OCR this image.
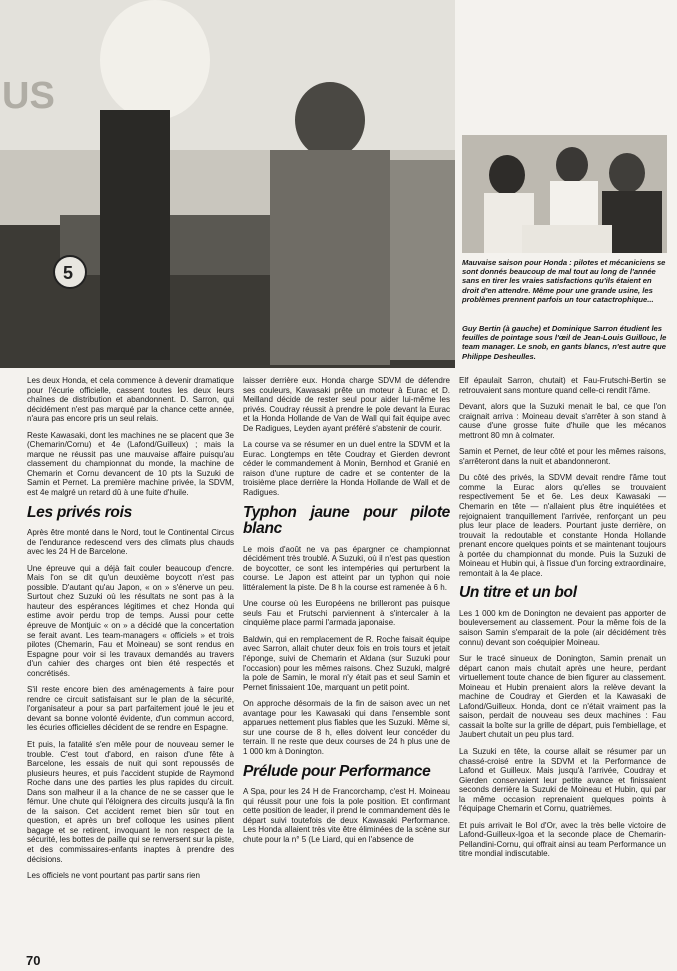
US
5

Mauvaise saison pour Honda : pilotes et mécaniciens se sont donnés beaucoup de mal tout au long de l'année sans en tirer les vraies satisfactions qu'ils étaient en droit d'en attendre. Même pour une grande usine, les problèmes prennent parfois un tour catactrophique...

Guy Bertin (à gauche) et Dominique Sarron étudient les feuilles de pointage sous l'œil de Jean-Louis Guillouc, le team manager. Le snob, en gants blancs, n'est autre que Philippe Desheulles.

Les deux Honda, et cela commence à devenir dramatique pour l'écurie officielle, cassent toutes les deux leurs chaînes de distribution et abandonnent. D. Sarron, qui décidément n'est pas marqué par la chance cette année, n'aura pas encore pris un seul relais.

Reste Kawasaki, dont les machines ne se placent que 3e (Chemarin/Cornu) et 4e (Lafond/Guilleux) ; mais la marque ne réussit pas une mauvaise affaire puisqu'au classement du championnat du monde, la machine de Chemarin et Cornu devancent de 10 pts la Suzuki de Samin et Pernet. La première machine privée, la SDVM, est 4e malgré un retard dû à une fuite d'huile.

Les privés rois

Après être monté dans le Nord, tout le Continental Circus de l'endurance redescend vers des climats plus chauds avec les 24 H de Barcelone.

Une épreuve qui a déjà fait couler beaucoup d'encre. Mais l'on se dit qu'un deuxième boycott n'est pas possible. D'autant qu'au Japon, « on » s'énerve un peu. Surtout chez Suzuki où les résultats ne sont pas à la hauteur des espérances légitimes et chez Honda qui estime avoir perdu trop de temps. Aussi pour cette épreuve de Montjuic « on » a décidé que la concertation se ferait avant. Les team-managers « officiels » et trois pilotes (Chemarin, Fau et Moineau) se sont rendus en Espagne pour voir si les travaux demandés au travers d'un cahier des charges ont bien été respectés et concrétisés.

S'il reste encore bien des aménagements à faire pour rendre ce circuit satisfaisant sur le plan de la sécurité, l'organisateur a pour sa part parfaitement joué le jeu et devant sa bonne volonté évidente, d'un commun accord, les écuries officielles décident de se rendre en Espagne.

Et puis, la fatalité s'en mêle pour de nouveau semer le trouble. C'est tout d'abord, en raison d'une fête à Barcelone, les essais de nuit qui sont repoussés de plusieurs heures, et puis l'accident stupide de Raymond Roche dans une des parties les plus rapides du circuit. Dans son malheur il a la chance de ne se casser que le fémur. Une chute qui l'éloignera des circuits jusqu'à la fin de la saison. Cet accident remet bien sûr tout en question, et après un bref colloque les usines plient bagage et se retirent, invoquant le non respect de la sécurité, les bottes de paille qui se renversent sur la piste, et des commissaires-enfants inaptes à prendre des décisions.

Les officiels ne vont pourtant pas partir sans rien

laisser derrière eux. Honda charge SDVM de défendre ses couleurs, Kawasaki prête un moteur à Eurac et D. Meilland décide de rester seul pour aider lui-même les privés. Coudray réussit à prendre le pole devant la Eurac et la Honda Hollande de Van de Wall qui fait équipe avec De Radigues, Leyden ayant préféré s'abstenir de courir.

La course va se résumer en un duel entre la SDVM et la Eurac. Longtemps en tête Coudray et Gierden devront céder le commandement à Monin, Bernhod et Granié en raison d'une rupture de cadre et se contenter de la troisième place derrière la Honda Hollande de Wall et de Radigues.

Typhon jaune pour pilote blanc

Le mois d'août ne va pas épargner ce championnat décidément très troublé. A Suzuki, où il n'est pas question de boycotter, ce sont les intempéries qui perturbent la course. Le Japon est atteint par un typhon qui noie littéralement la piste. De 8 h la course est ramenée à 6 h.

Une course où les Européens ne brilleront pas puisque seuls Fau et Frutschi parviennent à s'intercaler à la cinquième place parmi l'armada japonaise.

Baldwin, qui en remplacement de R. Roche faisait équipe avec Sarron, allait chuter deux fois en trois tours et jetait l'éponge, suivi de Chemarin et Aldana (sur Suzuki pour l'occasion) pour les mêmes raisons. Chez Suzuki, malgré la pole de Samin, le moral n'y était pas et seul Samin et Pernet finissaient 10e, marquant un petit point.

On approche désormais de la fin de saison avec un net avantage pour les Kawasaki qui dans l'ensemble sont apparues nettement plus fiables que les Suzuki. Même si, sur une course de 8 h, elles doivent leur concéder du terrain. Il ne reste que deux courses de 24 h plus une de 1 000 km à Donington.

Prélude pour Performance

A Spa, pour les 24 H de Francorchamp, c'est H. Moineau qui réussit pour une fois la pole position. Et confirmant cette position de leader, il prend le commandement dès le départ suivi toutefois de deux Kawasaki Performance. Les Honda allaient très vite être éliminées de la scène sur chute pour la n° 5 (Le Liard, qui en l'absence de

Elf épaulait Sarron, chutait) et Fau-Frutschi-Bertin se retrouvaient sans monture quand celle-ci rendit l'âme.

Devant, alors que la Suzuki menait le bal, ce que l'on craignait arriva : Moineau devait s'arrêter à son stand à cause d'une grosse fuite d'huile que les mécanos mettront 80 mn à colmater.

Samin et Pernet, de leur côté et pour les mêmes raisons, s'arrêteront dans la nuit et abandonneront.

Du côté des privés, la SDVM devait rendre l'âme tout comme la Eurac alors qu'elles se trouvaient respectivement 5e et 6e. Les deux Kawasaki — Chemarin en tête — n'allaient plus être inquiétées et rejoignaient tranquillement l'arrivée, renforçant un peu plus leur place de leaders. Pourtant juste derrière, on trouvait la redoutable et constante Honda Hollande prenant encore quelques points et se maintenant toujours à portée du championnat du monde. Puis la Suzuki de Moineau et Hubin qui, à l'issue d'un forcing extraordinaire, remontait à la 4e place.

Un titre et un bol

Les 1 000 km de Donington ne devaient pas apporter de bouleversement au classement. Pour la même fois de la saison Samin s'emparait de la pole (air décidément très connu) devant son coéquipier Moineau.

Sur le tracé sinueux de Donington, Samin prenait un départ canon mais chutait après une heure, perdant virtuellement toute chance de bien figurer au classement. Moineau et Hubin prenaient alors la relève devant la machine de Coudray et Gierden et la Kawasaki de Lafond/Guilleux. Honda, dont ce n'était vraiment pas la saison, perdait de nouveau ses deux machines : Fau cassait la boîte sur la grille de départ, puis l'embiellage, et Jaubert chutait un peu plus tard.

La Suzuki en tête, la course allait se résumer par un chassé-croisé entre la SDVM et la Performance de Lafond et Guilleux. Mais jusqu'à l'arrivée, Coudray et Gierden conservaient leur petite avance et finissaient seconds derrière la Suzuki de Moineau et Hubin, qui par la même occasion reprenaient quelques points à l'équipage Chemarin et Cornu, quatrièmes.

Et puis arrivait le Bol d'Or, avec la très belle victoire de Lafond-Guilleux-Igoa et la seconde place de Chemarin-Pellandini-Cornu, qui offrait ainsi au team Performance un titre mondial indiscutable.

70
